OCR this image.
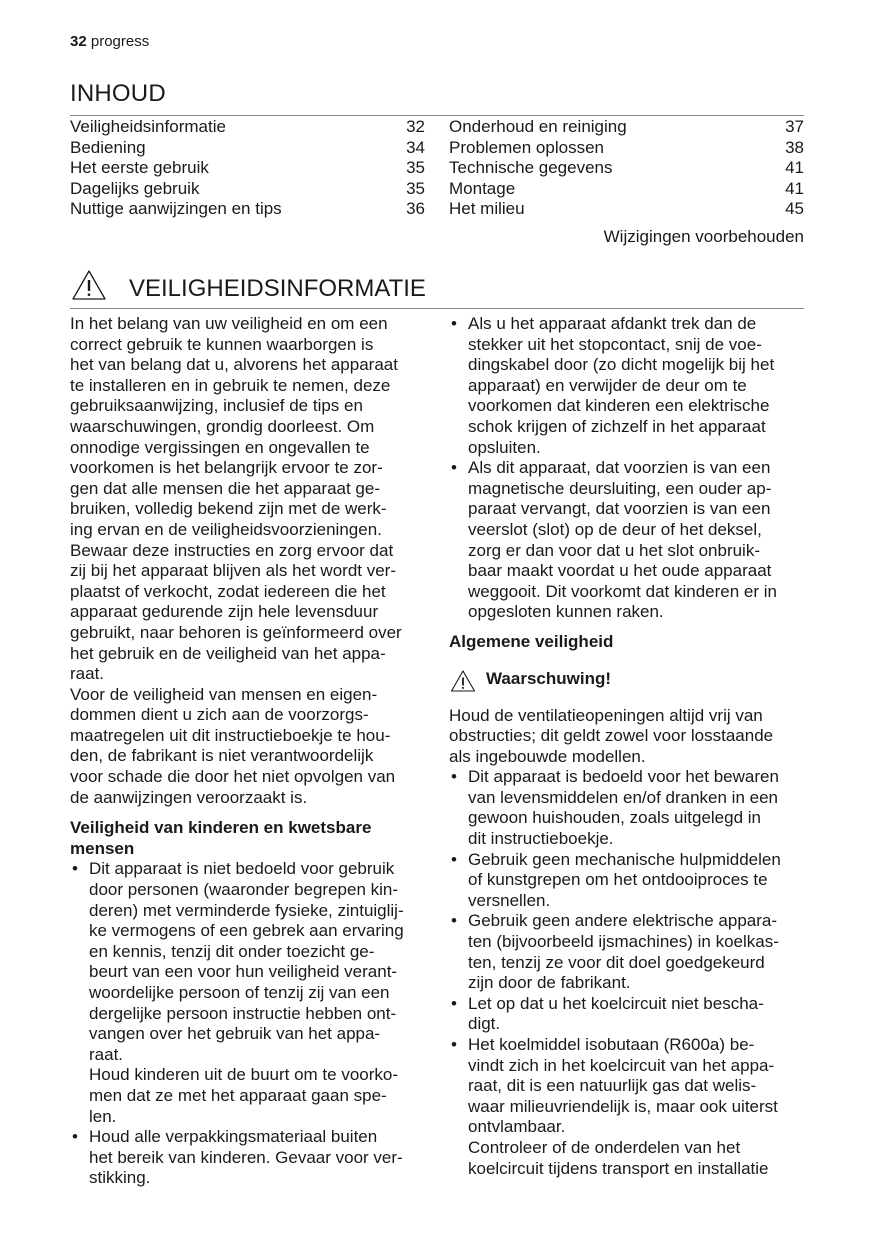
32 progress
INHOUD
Veiligheidsinformatie	32
Bediening	34
Het eerste gebruik	35
Dagelijks gebruik	35
Nuttige aanwijzingen en tips	36
Onderhoud en reiniging	37
Problemen oplossen	38
Technische gegevens	41
Montage	41
Het milieu	45
Wijzigingen voorbehouden
VEILIGHEIDSINFORMATIE

In het belang van uw veiligheid en om een
correct gebruik te kunnen waarborgen is
het van belang dat u, alvorens het apparaat
te installeren en in gebruik te nemen, deze
gebruiksaanwijzing, inclusief de tips en
waarschuwingen, grondig doorleest. Om
onnodige vergissingen en ongevallen te
voorkomen is het belangrijk ervoor te zor-
gen dat alle mensen die het apparaat ge-
bruiken, volledig bekend zijn met de werk-
ing ervan en de veiligheidsvoorzieningen.
Bewaar deze instructies en zorg ervoor dat
zij bij het apparaat blijven als het wordt ver-
plaatst of verkocht, zodat iedereen die het
apparaat gedurende zijn hele levensduur
gebruikt, naar behoren is geïnformeerd over
het gebruik en de veiligheid van het appa-
raat.
Voor de veiligheid van mensen en eigen-
dommen dient u zich aan de voorzorgs-
maatregelen uit dit instructieboekje te hou-
den, de fabrikant is niet verantwoordelijk
voor schade die door het niet opvolgen van
de aanwijzingen veroorzaakt is.

Veiligheid van kinderen en kwetsbare
mensen

• Dit apparaat is niet bedoeld voor gebruik
door personen (waaronder begrepen kin-
deren) met verminderde fysieke, zintuiglij-
ke vermogens of een gebrek aan ervaring
en kennis, tenzij dit onder toezicht ge-
beurt van een voor hun veiligheid verant-
woordelijke persoon of tenzij zij van een
dergelijke persoon instructie hebben ont-
vangen over het gebruik van het appa-
raat.
Houd kinderen uit de buurt om te voorko-
men dat ze met het apparaat gaan spe-
len.
• Houd alle verpakkingsmateriaal buiten
het bereik van kinderen. Gevaar voor ver-
stikking.
• Als u het apparaat afdankt trek dan de
stekker uit het stopcontact, snij de voe-
dingskabel door (zo dicht mogelijk bij het
apparaat) en verwijder de deur om te
voorkomen dat kinderen een elektrische
schok krijgen of zichzelf in het apparaat
opsluiten.
• Als dit apparaat, dat voorzien is van een
magnetische deursluiting, een ouder ap-
paraat vervangt, dat voorzien is van een
veerslot (slot) op de deur of het deksel,
zorg er dan voor dat u het slot onbruik-
baar maakt voordat u het oude apparaat
weggooit. Dit voorkomt dat kinderen er in
opgesloten kunnen raken.

Algemene veiligheid

Waarschuwing!

Houd de ventilatieopeningen altijd vrij van
obstructies; dit geldt zowel voor losstaande
als ingebouwde modellen.

• Dit apparaat is bedoeld voor het bewaren
van levensmiddelen en/of dranken in een
gewoon huishouden, zoals uitgelegd in
dit instructieboekje.
• Gebruik geen mechanische hulpmiddelen
of kunstgrepen om het ontdooiproces te
versnellen.
• Gebruik geen andere elektrische appara-
ten (bijvoorbeeld ijsmachines) in koelkas-
ten, tenzij ze voor dit doel goedgekeurd
zijn door de fabrikant.
• Let op dat u het koelcircuit niet bescha-
digt.
• Het koelmiddel isobutaan (R600a) be-
vindt zich in het koelcircuit van het appa-
raat, dit is een natuurlijk gas dat welis-
waar milieuvriendelijk is, maar ook uiterst
ontvlambaar.
Controleer of de onderdelen van het
koelcircuit tijdens transport en installatie
